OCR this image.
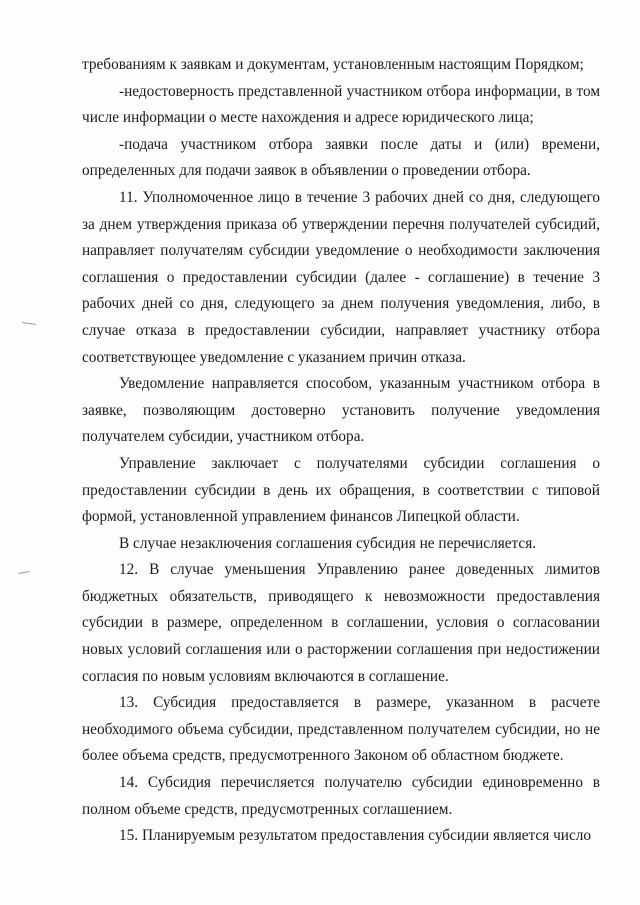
требованиям к заявкам и документам, установленным настоящим Порядком;

-недостоверность представленной участником отбора информации, в том числе информации о месте нахождения и адресе юридического лица;

-подача участником отбора заявки после даты и (или) времени, определенных для подачи заявок в объявлении о проведении отбора.

11. Уполномоченное лицо в течение 3 рабочих дней со дня, следующего за днем утверждения приказа об утверждении перечня получателей субсидий, направляет получателям субсидии уведомление о необходимости заключения соглашения о предоставлении субсидии (далее - соглашение) в течение 3 рабочих дней со дня, следующего за днем получения уведомления, либо, в случае отказа в предоставлении субсидии, направляет участнику отбора соответствующее уведомление с указанием причин отказа.

Уведомление направляется способом, указанным участником отбора в заявке, позволяющим достоверно установить получение уведомления получателем субсидии, участником отбора.

Управление заключает с получателями субсидии соглашения о предоставлении субсидии в день их обращения, в соответствии с типовой формой, установленной управлением финансов Липецкой области.

В случае незаключения соглашения субсидия не перечисляется.

12. В случае уменьшения Управлению ранее доведенных лимитов бюджетных обязательств, приводящего к невозможности предоставления субсидии в размере, определенном в соглашении, условия о согласовании новых условий соглашения или о расторжении соглашения при недостижении согласия по новым условиям включаются в соглашение.

13. Субсидия предоставляется в размере, указанном в расчете необходимого объема субсидии, представленном получателем субсидии, но не более объема средств, предусмотренного Законом об областном бюджете.

14. Субсидия перечисляется получателю субсидии единовременно в полном объеме средств, предусмотренных соглашением.

15. Планируемым результатом предоставления субсидии является число
